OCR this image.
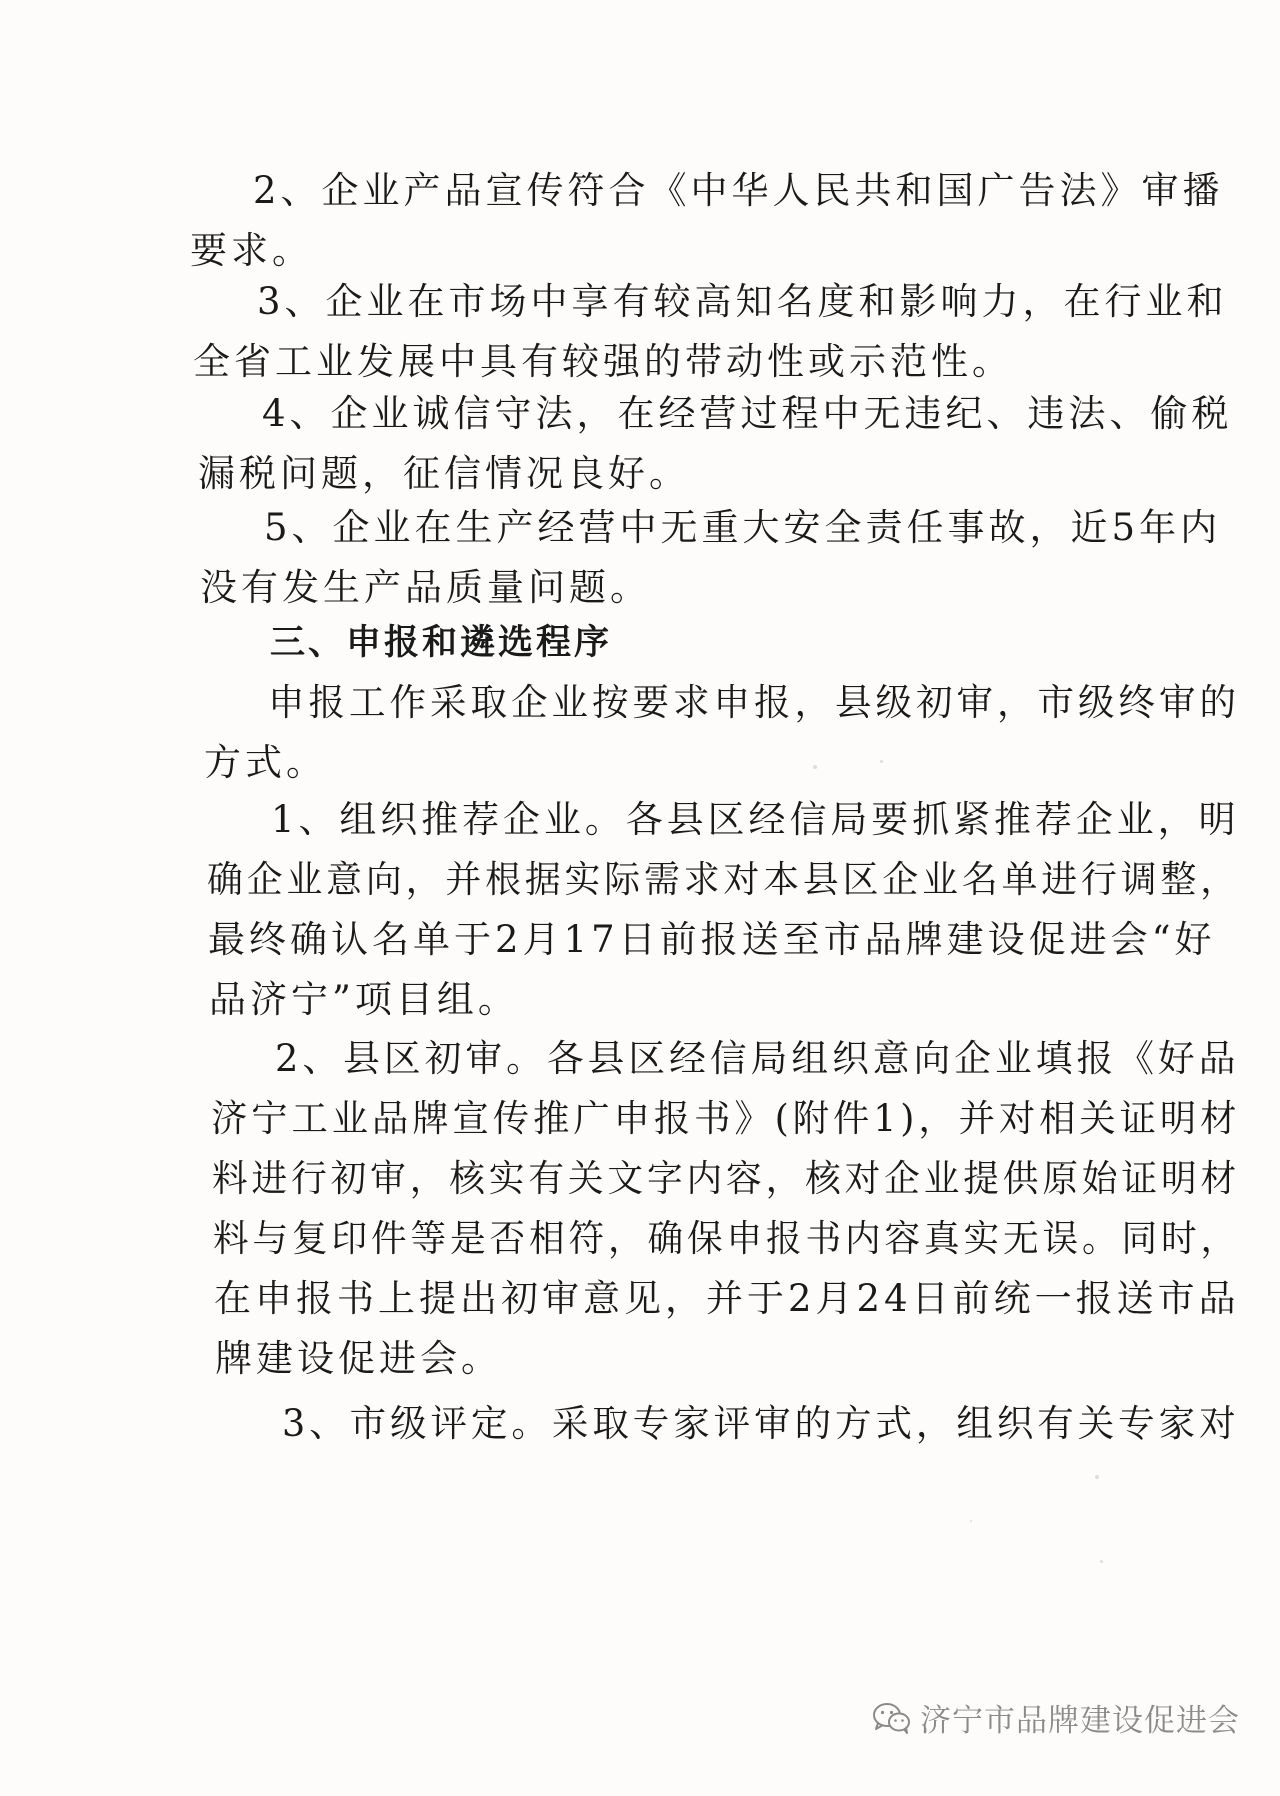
2、企业产品宣传符合《中华人民共和国广告法》审播
要求。
3、企业在市场中享有较高知名度和影响力，在行业和
全省工业发展中具有较强的带动性或示范性。
4、企业诚信守法，在经营过程中无违纪、违法、偷税
漏税问题，征信情况良好。
5、企业在生产经营中无重大安全责任事故，近5年内
没有发生产品质量问题。
三、申报和遴选程序
申报工作采取企业按要求申报，县级初审，市级终审的
方式。
1、组织推荐企业。各县区经信局要抓紧推荐企业，明
确企业意向，并根据实际需求对本县区企业名单进行调整，
最终确认名单于2月17日前报送至市品牌建设促进会“好
品济宁”项目组。
2、县区初审。各县区经信局组织意向企业填报《好品
济宁工业品牌宣传推广申报书》(附件1)，并对相关证明材
料进行初审，核实有关文字内容，核对企业提供原始证明材
料与复印件等是否相符，确保申报书内容真实无误。同时，
在申报书上提出初审意见，并于2月24日前统一报送市品
牌建设促进会。
3、市级评定。采取专家评审的方式，组织有关专家对
济宁市品牌建设促进会
